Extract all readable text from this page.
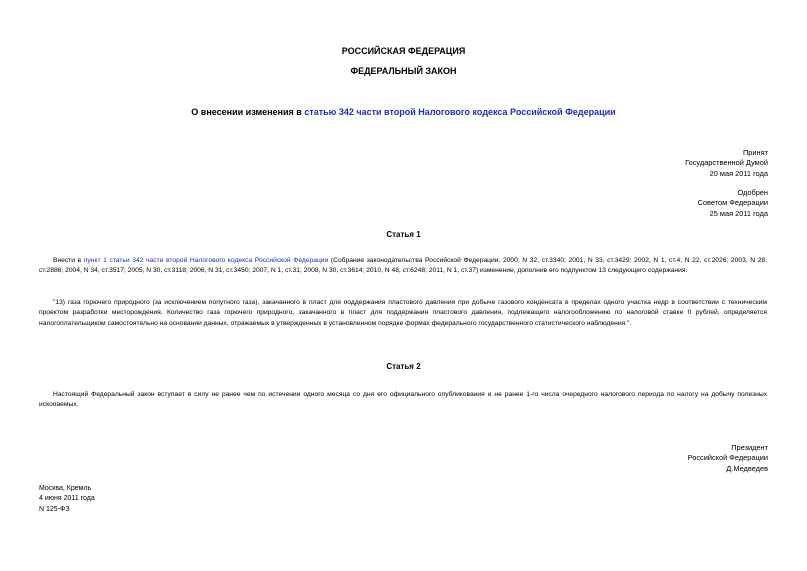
РОССИЙСКАЯ ФЕДЕРАЦИЯ
ФЕДЕРАЛЬНЫЙ ЗАКОН
О внесении изменения в статью 342 части второй Налогового кодекса Российской Федерации
Принят
Государственной Думой
20 мая 2011 года
Одобрен
Советом Федерации
25 мая 2011 года
Статья 1
Внести в пункт 1 статьи 342 части второй Налогового кодекса Российской Федерации (Собрание законодательства Российской Федерации, 2000, N 32, ст.3340; 2001, N 33, ст.3429; 2002, N 1, ст.4; N 22, ст.2026; 2003, N 28, ст.2886; 2004, N 34, ст.3517; 2005, N 30, ст.3118; 2006, N 31, ст.3450; 2007, N 1, ст.31; 2008, N 30, ст.3614; 2010, N 48, ст.6248; 2011, N 1, ст.37) изменение, дополнив его подпунктом 13 следующего содержания:
"13) газа горючего природного (за исключением попутного газа), закачанного в пласт для поддержания пластового давления при добыче газового конденсата в пределах одного участка недр в соответствии с техническим проектом разработки месторождения. Количество газа горючего природного, закачанного в пласт для поддержания пластового давления, подлежащего налогообложению по налоговой ставке 0 рублей, определяется налогоплательщиком самостоятельно на основании данных, отражаемых в утвержденных в установленном порядке формах федерального государственного статистического наблюдения.".
Статья 2
Настоящий Федеральный закон вступает в силу не ранее чем по истечении одного месяца со дня его официального опубликования и не ранее 1-го числа очередного налогового периода по налогу на добычу полезных ископаемых.
Президент
Российской Федерации
Д.Медведев
Москва, Кремль
4 июня 2011 года
N 125-ФЗ
